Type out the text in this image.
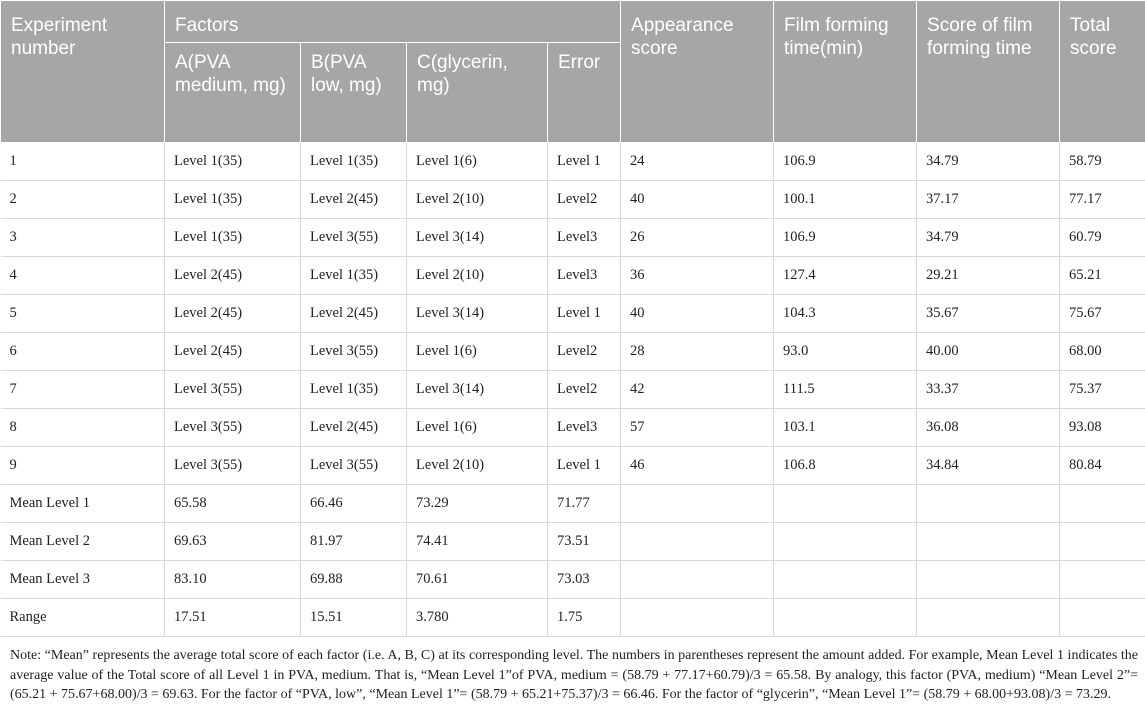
Experiment number	Factors				Appearance score	Film forming time(min)	Score of film forming time	Total score
	A(PVA medium, mg)	B(PVA low, mg)	C(glycerin, mg)	Error				
1	Level 1(35)	Level 1(35)	Level 1(6)	Level 1	24	106.9	34.79	58.79
2	Level 1(35)	Level 2(45)	Level 2(10)	Level2	40	100.1	37.17	77.17
3	Level 1(35)	Level 3(55)	Level 3(14)	Level3	26	106.9	34.79	60.79
4	Level 2(45)	Level 1(35)	Level 2(10)	Level3	36	127.4	29.21	65.21
5	Level 2(45)	Level 2(45)	Level 3(14)	Level 1	40	104.3	35.67	75.67
6	Level 2(45)	Level 3(55)	Level 1(6)	Level2	28	93.0	40.00	68.00
7	Level 3(55)	Level 1(35)	Level 3(14)	Level2	42	111.5	33.37	75.37
8	Level 3(55)	Level 2(45)	Level 1(6)	Level3	57	103.1	36.08	93.08
9	Level 3(55)	Level 3(55)	Level 2(10)	Level 1	46	106.8	34.84	80.84
Mean Level 1	65.58	66.46	73.29	71.77				
Mean Level 2	69.63	81.97	74.41	73.51				
Mean Level 3	83.10	69.88	70.61	73.03				
Range	17.51	15.51	3.780	1.75				
Note: “Mean” represents the average total score of each factor (i.e. A, B, C) at its corresponding level. The numbers in parentheses represent the amount added. For example, Mean Level 1 indicates the average value of the Total score of all Level 1 in PVA, medium. That is, “Mean Level 1”of PVA, medium = (58.79 + 77.17+60.79)/3 = 65.58. By analogy, this factor (PVA, medium) “Mean Level 2”= (65.21 + 75.67+68.00)/3 = 69.63. For the factor of “PVA, low”, “Mean Level 1”= (58.79 + 65.21+75.37)/3 = 66.46. For the factor of “glycerin”, “Mean Level 1”= (58.79 + 68.00+93.08)/3 = 73.29.
